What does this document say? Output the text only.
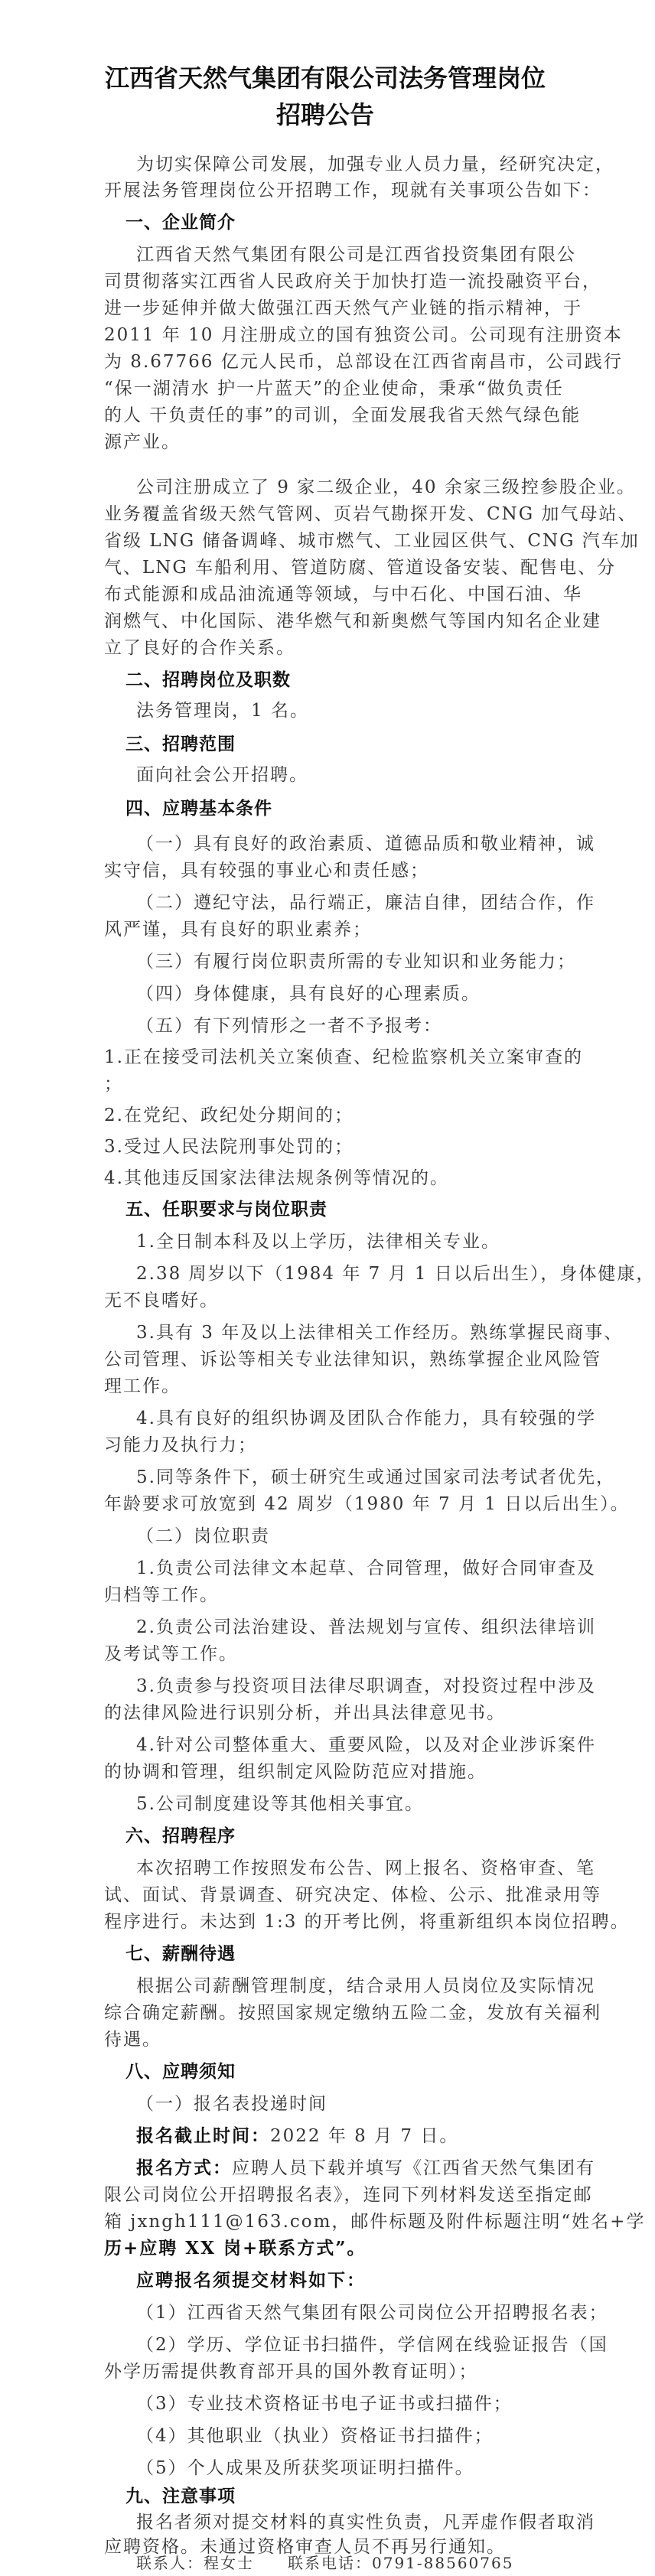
江西省天然气集团有限公司法务管理岗位
招聘公告
为切实保障公司发展，加强专业人员力量，经研究决定，
开展法务管理岗位公开招聘工作，现就有关事项公告如下：
一、企业简介
江西省天然气集团有限公司是江西省投资集团有限公
司贯彻落实江西省人民政府关于加快打造一流投融资平台，
进一步延伸并做大做强江西天然气产业链的指示精神，于
2011 年 10 月注册成立的国有独资公司。公司现有注册资本
为 8.67766 亿元人民币，总部设在江西省南昌市，公司践行
“保一湖清水 护一片蓝天”的企业使命，秉承“做负责任
的人 干负责任的事”的司训，全面发展我省天然气绿色能
源产业。
公司注册成立了 9 家二级企业，40 余家三级控参股企业。
业务覆盖省级天然气管网、页岩气勘探开发、CNG 加气母站、
省级 LNG 储备调峰、城市燃气、工业园区供气、CNG 汽车加
气、LNG 车船利用、管道防腐、管道设备安装、配售电、分
布式能源和成品油流通等领域，与中石化、中国石油、华
润燃气、中化国际、港华燃气和新奥燃气等国内知名企业建
立了良好的合作关系。
二、招聘岗位及职数
法务管理岗，1 名。
三、招聘范围
面向社会公开招聘。
四、应聘基本条件
（一）具有良好的政治素质、道德品质和敬业精神，诚
实守信，具有较强的事业心和责任感；
（二）遵纪守法，品行端正，廉洁自律，团结合作，作
风严谨，具有良好的职业素养；
（三）有履行岗位职责所需的专业知识和业务能力；
（四）身体健康，具有良好的心理素质。
（五）有下列情形之一者不予报考：
1.正在接受司法机关立案侦查、纪检监察机关立案审查的
；
2.在党纪、政纪处分期间的；
3.受过人民法院刑事处罚的；
4.其他违反国家法律法规条例等情况的。
五、任职要求与岗位职责
1.全日制本科及以上学历，法律相关专业。
2.38 周岁以下（1984 年 7 月 1 日以后出生），身体健康，
无不良嗜好。
3.具有 3 年及以上法律相关工作经历。熟练掌握民商事、
公司管理、诉讼等相关专业法律知识，熟练掌握企业风险管
理工作。
4.具有良好的组织协调及团队合作能力，具有较强的学
习能力及执行力；
5.同等条件下，硕士研究生或通过国家司法考试者优先，
年龄要求可放宽到 42 周岁（1980 年 7 月 1 日以后出生）。
（二）岗位职责
1.负责公司法律文本起草、合同管理，做好合同审查及
归档等工作。
2.负责公司法治建设、普法规划与宣传、组织法律培训
及考试等工作。
3.负责参与投资项目法律尽职调查，对投资过程中涉及
的法律风险进行识别分析，并出具法律意见书。
4.针对公司整体重大、重要风险，以及对企业涉诉案件
的协调和管理，组织制定风险防范应对措施。
5.公司制度建设等其他相关事宜。
六、招聘程序
本次招聘工作按照发布公告、网上报名、资格审查、笔
试、面试、背景调查、研究决定、体检、公示、批准录用等
程序进行。未达到 1:3 的开考比例，将重新组织本岗位招聘。
七、薪酬待遇
根据公司薪酬管理制度，结合录用人员岗位及实际情况
综合确定薪酬。按照国家规定缴纳五险二金，发放有关福利
待遇。
八、应聘须知
（一）报名表投递时间
报名截止时间：2022 年 8 月 7 日。
报名方式：应聘人员下载并填写《江西省天然气集团有
限公司岗位公开招聘报名表》，连同下列材料发送至指定邮
箱 jxngh111@163.com，邮件标题及附件标题注明“姓名+学
历+应聘 XX 岗+联系方式”。
应聘报名须提交材料如下：
（1）江西省天然气集团有限公司岗位公开招聘报名表；
（2）学历、学位证书扫描件，学信网在线验证报告（国
外学历需提供教育部开具的国外教育证明）；
（3）专业技术资格证书电子证书或扫描件；
（4）其他职业（执业）资格证书扫描件；
（5）个人成果及所获奖项证明扫描件。
九、注意事项
报名者须对提交材料的真实性负责，凡弄虚作假者取消
应聘资格。未通过资格审查人员不再另行通知。
联系人：程女士　　联系电话：0791-88560765
